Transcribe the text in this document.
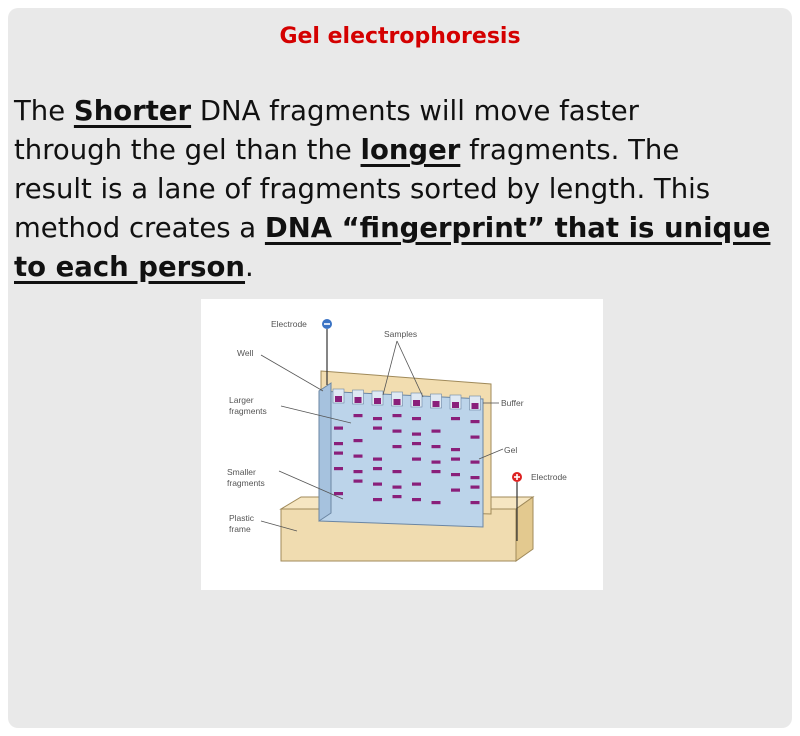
Gel electrophoresis
The Shorter DNA fragments will move faster
through the gel than the longer fragments. The
result is a lane of fragments sorted by length. This
method creates a DNA “fingerprint” that is unique
to each person.
Electrode
Samples
Well
Larger
fragments
Buffer
Gel
Electrode
Smaller
fragments
Plastic
frame
